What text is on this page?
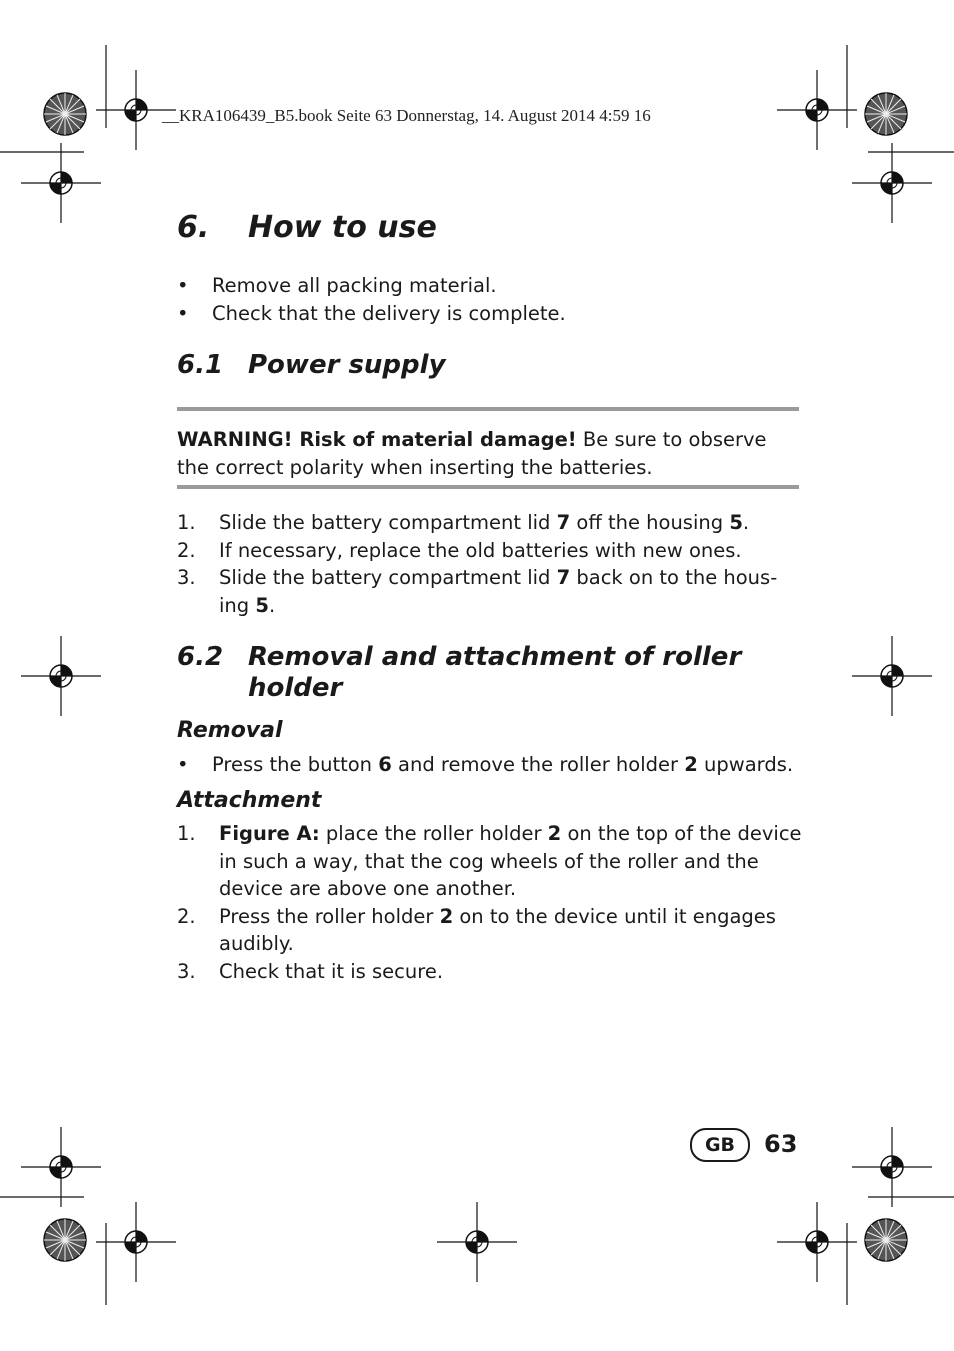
__KRA106439_B5.book Seite 63 Donnerstag, 14. August 2014 4:59 16
6. How to use
• Remove all packing material.
• Check that the delivery is complete.
6.1 Power supply
WARNING! Risk of material damage! Be sure to observe
the correct polarity when inserting the batteries.
1. Slide the battery compartment lid 7 off the housing 5.
2. If necessary, replace the old batteries with new ones.
3. Slide the battery compartment lid 7 back on to the hous-
ing 5.
6.2 Removal and attachment of roller
holder
Removal
• Press the button 6 and remove the roller holder 2 upwards.
Attachment
1. Figure A: place the roller holder 2 on the top of the device
in such a way, that the cog wheels of the roller and the
device are above one another.
2. Press the roller holder 2 on to the device until it engages
audibly.
3. Check that it is secure.
GB	63
